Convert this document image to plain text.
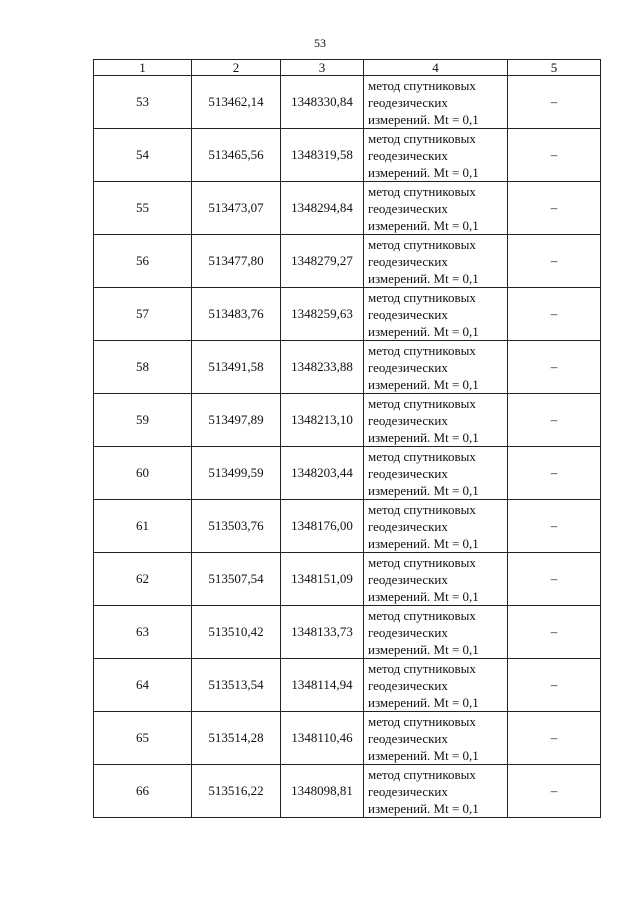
53
1	2	3	4	5
53	513462,14	1348330,84	метод спутниковых
геодезических
измерений. Mt = 0,1	–
54	513465,56	1348319,58	метод спутниковых
геодезических
измерений. Mt = 0,1	–
55	513473,07	1348294,84	метод спутниковых
геодезических
измерений. Mt = 0,1	–
56	513477,80	1348279,27	метод спутниковых
геодезических
измерений. Mt = 0,1	–
57	513483,76	1348259,63	метод спутниковых
геодезических
измерений. Mt = 0,1	–
58	513491,58	1348233,88	метод спутниковых
геодезических
измерений. Mt = 0,1	–
59	513497,89	1348213,10	метод спутниковых
геодезических
измерений. Mt = 0,1	–
60	513499,59	1348203,44	метод спутниковых
геодезических
измерений. Mt = 0,1	–
61	513503,76	1348176,00	метод спутниковых
геодезических
измерений. Mt = 0,1	–
62	513507,54	1348151,09	метод спутниковых
геодезических
измерений. Mt = 0,1	–
63	513510,42	1348133,73	метод спутниковых
геодезических
измерений. Mt = 0,1	–
64	513513,54	1348114,94	метод спутниковых
геодезических
измерений. Mt = 0,1	–
65	513514,28	1348110,46	метод спутниковых
геодезических
измерений. Mt = 0,1	–
66	513516,22	1348098,81	метод спутниковых
геодезических
измерений. Mt = 0,1	–
